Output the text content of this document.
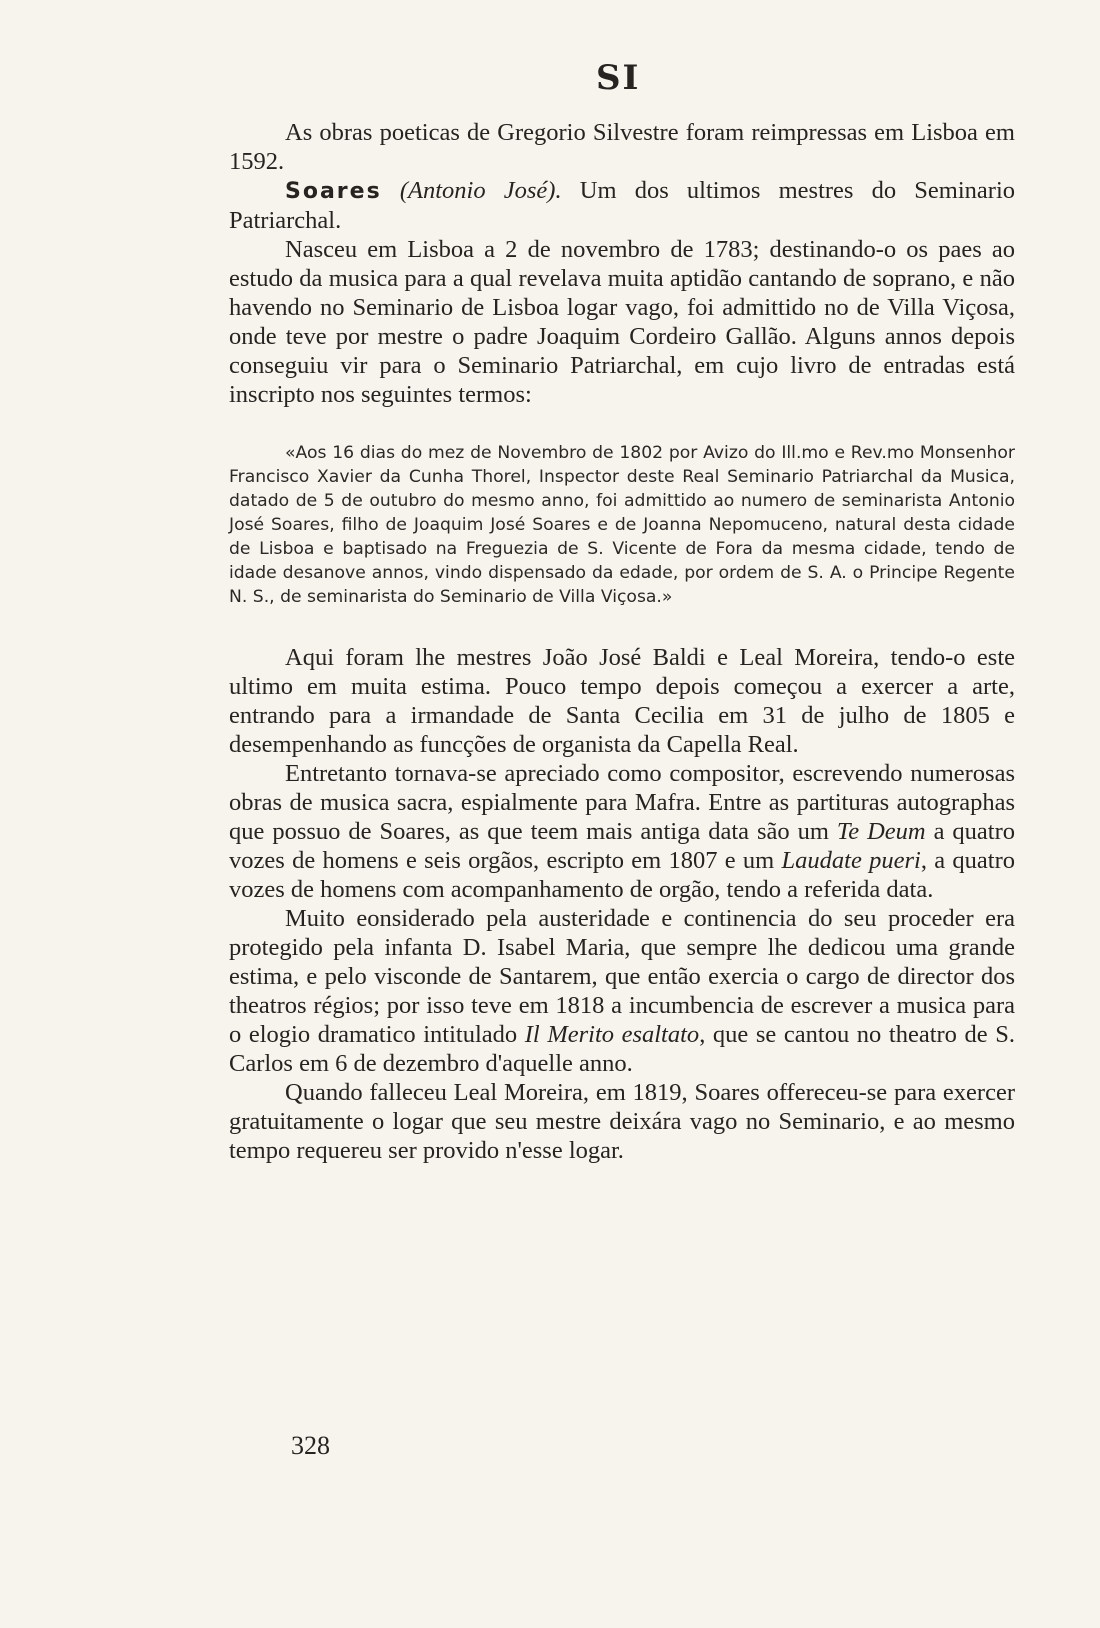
SI

As obras poeticas de Gregorio Silvestre foram reimpressas em Lisboa em 1592.

Soares (Antonio José). Um dos ultimos mestres do Seminario Patriarchal.

Nasceu em Lisboa a 2 de novembro de 1783; destinando-o os paes ao estudo da musica para a qual revelava muita aptidão cantando de soprano, e não havendo no Seminario de Lisboa logar vago, foi admittido no de Villa Viçosa, onde teve por mestre o padre Joaquim Cordeiro Gallão. Alguns annos depois conseguiu vir para o Seminario Patriarchal, em cujo livro de entradas está inscripto nos seguintes termos:

«Aos 16 dias do mez de Novembro de 1802 por Avizo do Ill.mo e Rev.mo Monsenhor Francisco Xavier da Cunha Thorel, Inspector deste Real Seminario Patriarchal da Musica, datado de 5 de outubro do mesmo anno, foi admittido ao numero de seminarista Antonio José Soares, filho de Joaquim José Soares e de Joanna Nepomuceno, natural desta cidade de Lisboa e baptisado na Freguezia de S. Vicente de Fora da mesma cidade, tendo de idade desanove annos, vindo dispensado da edade, por ordem de S. A. o Principe Regente N. S., de seminarista do Seminario de Villa Viçosa.»

Aqui foram lhe mestres João José Baldi e Leal Moreira, tendo-o este ultimo em muita estima. Pouco tempo depois começou a exercer a arte, entrando para a irmandade de Santa Cecilia em 31 de julho de 1805 e desempenhando as funcções de organista da Capella Real.

Entretanto tornava-se apreciado como compositor, escrevendo numerosas obras de musica sacra, espialmente para Mafra. Entre as partituras autographas que possuo de Soares, as que teem mais antiga data são um Te Deum a quatro vozes de homens e seis orgãos, escripto em 1807 e um Laudate pueri, a quatro vozes de homens com acompanhamento de orgão, tendo a referida data.

Muito eonsiderado pela austeridade e continencia do seu proceder era protegido pela infanta D. Isabel Maria, que sempre lhe dedicou uma grande estima, e pelo visconde de Santarem, que então exercia o cargo de director dos theatros régios; por isso teve em 1818 a incumbencia de escrever a musica para o elogio dramatico intitulado Il Merito esaltato, que se cantou no theatro de S. Carlos em 6 de dezembro d'aquelle anno.

Quando falleceu Leal Moreira, em 1819, Soares offereceu-se para exercer gratuitamente o logar que seu mestre deixára vago no Seminario, e ao mesmo tempo requereu ser provido n'esse logar.

328
